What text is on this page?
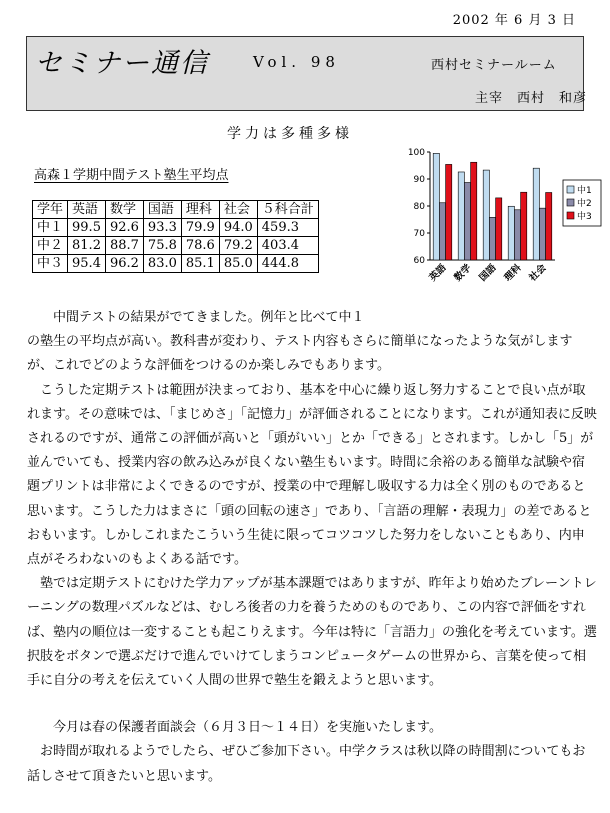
2002 年 6 月 3 日
セミナー通信	Vol. 98	西村セミナールーム
主宰　西村　和彦
学力は多種多様
高森１学期中間テスト塾生平均点
学年	英語	数学	国語	理科	社会	５科合計
中１	99.5	92.6	93.3	79.9	94.0	459.3
中２	81.2	88.7	75.8	78.6	79.2	403.4
中３	95.4	96.2	83.0	85.1	85.0	444.8	60
70
80
90
100
英語 数学 国語 理科 社会
中1
中2
中3

中間テストの結果がでてきました。例年と比べて中１

の塾生の平均点が高い。教科書が変わり、テスト内容もさらに簡単になったような気がしますが、これでどのような評価をつけるのか楽しみでもあります。

こうした定期テストは範囲が決まっており、基本を中心に繰り返し努力することで良い点が取れます。その意味では、「まじめさ」「記憶力」が評価されることになります。これが通知表に反映されるのですが、通常この評価が高いと「頭がいい」とか「できる」とされます。しかし「5」が並んでいても、授業内容の飲み込みが良くない塾生もいます。時間に余裕のある簡単な試験や宿題プリントは非常によくできるのですが、授業の中で理解し吸収する力は全く別のものであると思います。こうした力はまさに「頭の回転の速さ」であり、「言語の理解・表現力」の差であるとおもいます。しかしこれまたこういう生徒に限ってコツコツした努力をしないこともあり、内申点がそろわないのもよくある話です。

塾では定期テストにむけた学力アップが基本課題ではありますが、昨年より始めたブレーントレーニングの数理パズルなどは、むしろ後者の力を養うためのものであり、この内容で評価をすれば、塾内の順位は一変することも起こりえます。今年は特に「言語力」の強化を考えています。選択肢をボタンで選ぶだけで進んでいけてしまうコンピュータゲームの世界から、言葉を使って相手に自分の考えを伝えていく人間の世界で塾生を鍛えようと思います。

今月は春の保護者面談会（６月３日～１４日）を実施いたします。

お時間が取れるようでしたら、ぜひご参加下さい。中学クラスは秋以降の時間割についてもお話しさせて頂きたいと思います。
